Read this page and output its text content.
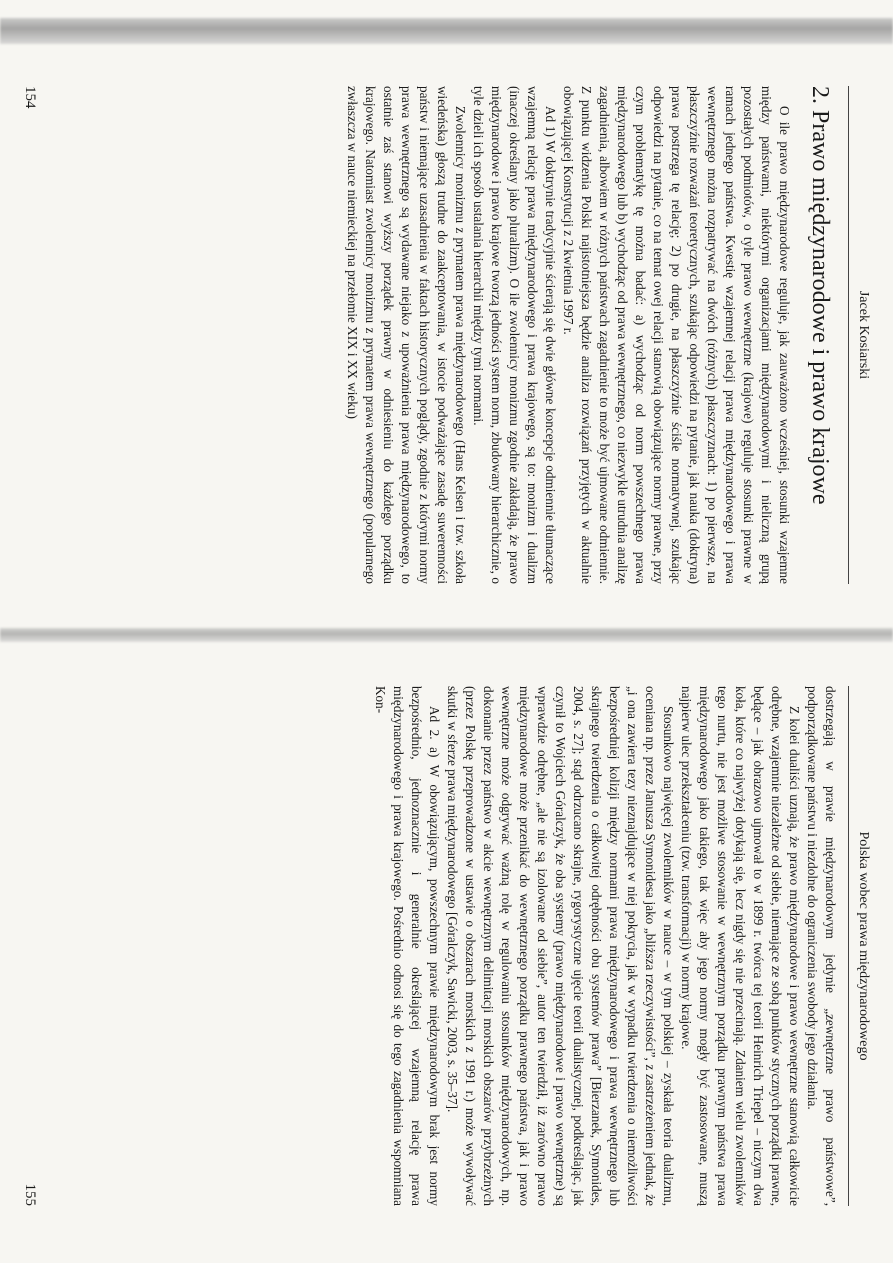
Jacek Kosiarski
2. Prawo międzynarodowe i prawo krajowe

O ile prawo międzynarodowe reguluje, jak zauważono wcześniej, stosunki wzajemne między państwami, niektórymi organizacjami międzynarodowymi i nieliczną grupą pozostałych podmiotów, o tyle prawo wewnętrzne (krajowe) reguluje stosunki prawne w ramach jednego państwa. Kwestię wzajemnej relacji prawa międzynarodowego i prawa wewnętrznego można rozpatrywać na dwóch (różnych) płaszczyznach: 1) po pierwsze, na płaszczyźnie rozważań teoretycznych, szukając odpowiedzi na pytanie, jak nauka (doktryna) prawa postrzega tę relację; 2) po drugie, na płaszczyźnie ściśle normatywnej, szukając odpowiedzi na pytanie, co na temat owej relacji stanowią obowiązujące normy prawne, przy czym problematykę tę można badać: a) wychodząc od norm powszechnego prawa międzynarodowego lub b) wychodząc od prawa wewnętrznego, co niezwykle utrudnia analizę zagadnienia, albowiem w różnych państwach zagadnienie to może być ujmowane odmiennie. Z punktu widzenia Polski najistotniejsza będzie analiza rozwiązań przyjętych w aktualnie obowiązującej Konstytucji z 2 kwietnia 1997 r.

Ad 1) W doktrynie tradycyjnie ścierają się dwie główne koncepcje odmiennie tłumaczące wzajemną relację prawa międzynarodowego i prawa krajowego, są to: monizm i dualizm (inaczej określany jako pluralizm). O ile zwolennicy monizmu zgodnie zakładają, że prawo międzynarodowe i prawo krajowe tworzą jedności system norm, zbudowany hierarchicznie, o tyle dzieli ich sposób ustalania hierarchii między tymi normami.

Zwolennicy monizmu z prymatem prawa międzynarodowego (Hans Kelsen i tzw. szkoła wiedeńska) głoszą trudne do zaakceptowania, w istocie podważające zasadę suwerenności państw i niemające uzasadnienia w faktach historycznych poglądy, zgodnie z którymi normy prawa wewnętrznego są wydawane niejako z upoważnienia prawa międzynarodowego, to ostatnie zaś stanowi wyższy porządek prawny w odniesieniu do każdego porządku krajowego. Natomiast zwolennicy monizmu z prymatem prawa wewnętrznego (popularnego zwłaszcza w nauce niemieckiej na przełomie XIX i XX wieku)

154
Polska wobec prawa międzynarodowego

dostrzegają w prawie międzynarodowym jedynie „zewnętrzne prawo państwowe”, podporządkowane państwu i niezdolne do ograniczenia swobody jego działania.

Z kolei dualiści uznają, że prawo międzynarodowe i prawo wewnętrzne stanowią całkowicie odrębne, wzajemnie niezależne od siebie, niemające ze sobą punktów stycznych porządki prawne, będące – jak obrazowo ujmował to w 1899 r. twórca tej teorii Heinrich Triepel – niczym dwa koła, które co najwyżej dotykają się, lecz nigdy się nie przecinają. Zdaniem wielu zwolenników tego nurtu, nie jest możliwe stosowanie w wewnętrznym porządku prawnym państwa prawa międzynarodowego jako takiego, tak więc aby jego normy mogły być zastosowane, muszą najpierw ulec przekształceniu (tzw. transformacji) w normy krajowe.

Stosunkowo najwięcej zwolenników w nauce – w tym polskiej – zyskała teoria dualizmu, oceniana np. przez Janusza Symonidesa jako „bliższa rzeczywistości”, z zastrzeżeniem jednak, że „i ona zawiera tezy nieznajdujące w niej pokrycia, jak w wypadku twierdzenia o niemożliwości bezpośredniej kolizji między normami prawa międzynarodowego i prawa wewnętrznego lub skrajnego twierdzenia o całkowitej odrębności obu systemów prawa” [Bierzanek, Symonides, 2004, s. 27]; stąd odrzucano skrajne, rygorystyczne ujęcie teorii dualistycznej, podkreślając, jak czynił to Wojciech Góralczyk, że oba systemy (prawo międzynarodowe i prawo wewnętrzne) są wprawdzie odrębne, „ale nie są izolowane od siebie”, autor ten twierdził, iż zarówno prawo międzynarodowe może przenikać do wewnętrznego porządku prawnego państwa, jak i prawo wewnętrzne może odgrywać ważną rolę w regulowaniu stosunków międzynarodowych, np. dokonanie przez państwo w akcie wewnętrznym delimitacji morskich obszarów przybrzeżnych (przez Polskę przeprowadzone w ustawie o obszarach morskich z 1991 r.) może wywoływać skutki w sferze prawa międzynarodowego [Góralczyk, Sawicki, 2003, s. 35–37].

Ad 2. a) W obowiązującym, powszechnym prawie międzynarodowym brak jest normy bezpośrednio, jednoznacznie i generalnie określającej wzajemną relację prawa międzynarodowego i prawa krajowego. Pośrednio odnosi się do tego zagadnienia wspomniana Kon-

155
